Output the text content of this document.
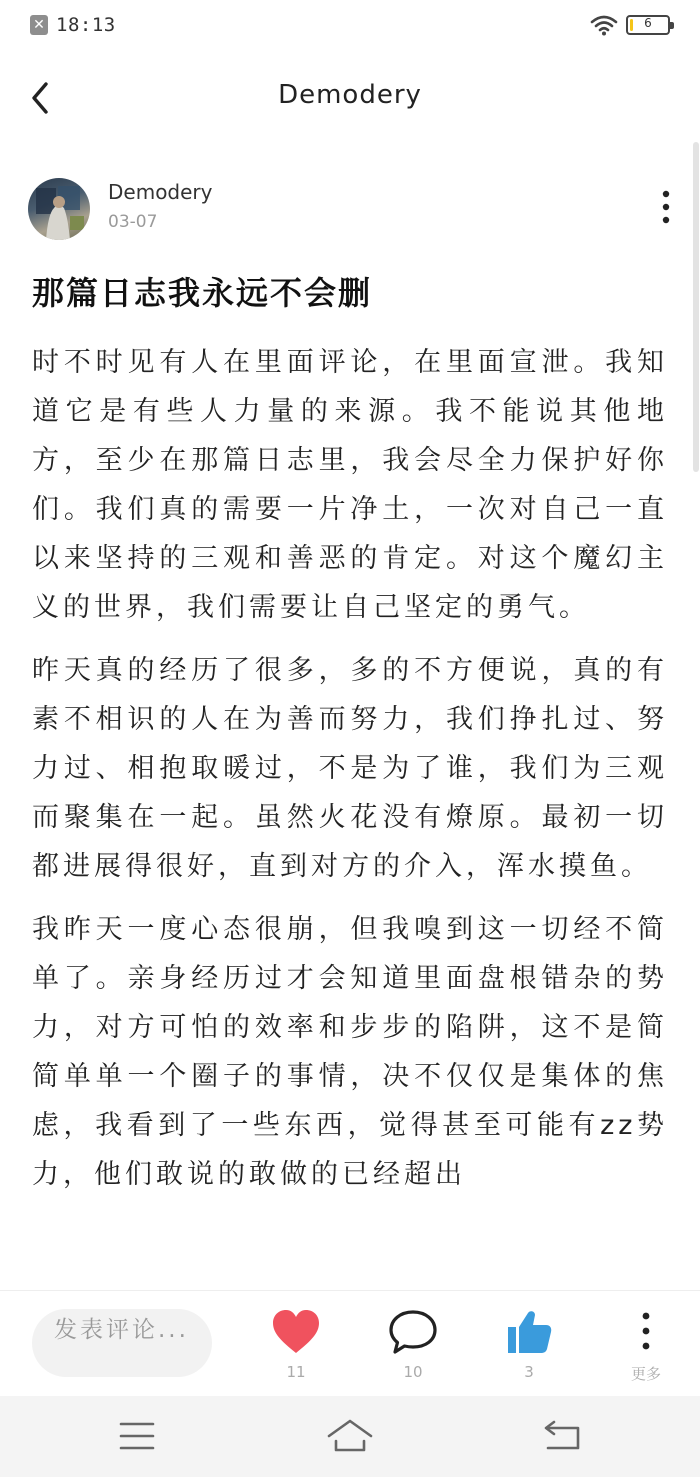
✕ 18:13	6
Demodery
Demodery
03-07
那篇日志我永远不会删

时不时见有人在里面评论，在里面宣泄。我知道它是有些人力量的来源。我不能说其他地方，至少在那篇日志里，我会尽全力保护好你们。我们真的需要一片净土，一次对自己一直以来坚持的三观和善恶的肯定。对这个魔幻主义的世界，我们需要让自己坚定的勇气。

昨天真的经历了很多，多的不方便说，真的有素不相识的人在为善而努力，我们挣扎过、努力过、相抱取暖过，不是为了谁，我们为三观而聚集在一起。虽然火花没有燎原。最初一切都进展得很好，直到对方的介入，浑水摸鱼。

我昨天一度心态很崩，但我嗅到这一切经不简单了。亲身经历过才会知道里面盘根错杂的势力，对方可怕的效率和步步的陷阱，这不是简简单单一个圈子的事情，决不仅仅是集体的焦虑，我看到了一些东西，觉得甚至可能有zz势力，他们敢说的敢做的已经超出

发表评论...
11	10	3	更多
